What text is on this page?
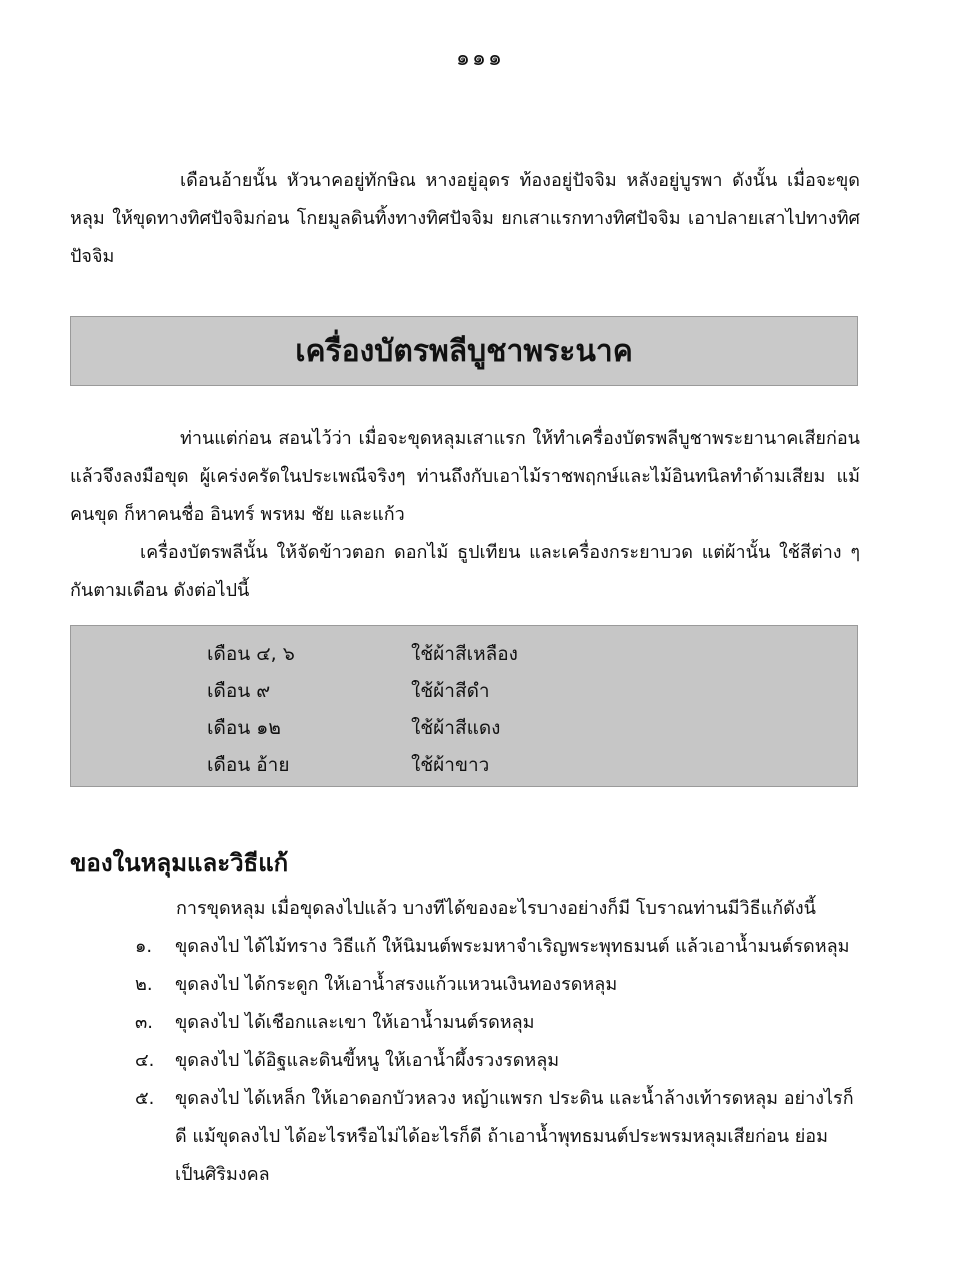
๑๑๑
เดือนอ้ายนั้น หัวนาคอยู่ทักษิณ หางอยู่อุดร ท้องอยู่ปัจจิม หลังอยู่บูรพา ดังนั้น เมื่อจะขุดหลุม ให้ขุดทางทิศปัจจิมก่อน โกยมูลดินทิ้งทางทิศปัจจิม ยกเสาแรกทางทิศปัจจิม เอาปลายเสาไปทางทิศปัจจิม
เครื่องบัตรพลีบูชาพระนาค
ท่านแต่ก่อน สอนไว้ว่า เมื่อจะขุดหลุมเสาแรก ให้ทำเครื่องบัตรพลีบูชาพระยานาคเสียก่อน แล้วจึงลงมือขุด ผู้เคร่งครัดในประเพณีจริงๆ ท่านถึงกับเอาไม้ราชพฤกษ์และไม้อินทนิลทำด้ามเสียม แม้คนขุด ก็หาคนชื่อ อินทร์ พรหม ชัย และแก้ว
เครื่องบัตรพลีนั้น ให้จัดข้าวตอก ดอกไม้ ธูปเทียน และเครื่องกระยาบวด แต่ผ้านั้น ใช้สีต่าง ๆ กันตามเดือน ดังต่อไปนี้
เดือน ๔, ๖	ใช้ผ้าสีเหลือง
เดือน ๙	ใช้ผ้าสีดำ
เดือน ๑๒	ใช้ผ้าสีแดง
เดือน อ้าย	ใช้ผ้าขาว
ของในหลุมและวิธีแก้
การขุดหลุม เมื่อขุดลงไปแล้ว บางทีได้ของอะไรบางอย่างก็มี โบราณท่านมีวิธีแก้ดังนี้
๑.	ขุดลงไป ได้ไม้ทราง วิธีแก้ ให้นิมนต์พระมหาจำเริญพระพุทธมนต์ แล้วเอาน้ำมนต์รดหลุม
๒.	ขุดลงไป ได้กระดูก ให้เอาน้ำสรงแก้วแหวนเงินทองรดหลุม
๓.	ขุดลงไป ได้เชือกและเขา ให้เอาน้ำมนต์รดหลุม
๔.	ขุดลงไป ได้อิฐและดินขี้หนู ให้เอาน้ำผึ้งรวงรดหลุม
๕.	ขุดลงไป ได้เหล็ก ให้เอาดอกบัวหลวง หญ้าแพรก ประดิน และน้ำล้างเท้ารดหลุม อย่างไรก็ดี แม้ขุดลงไป ได้อะไรหรือไม่ได้อะไรก็ดี ถ้าเอาน้ำพุทธมนต์ประพรมหลุมเสียก่อน ย่อมเป็นศิริมงคล
